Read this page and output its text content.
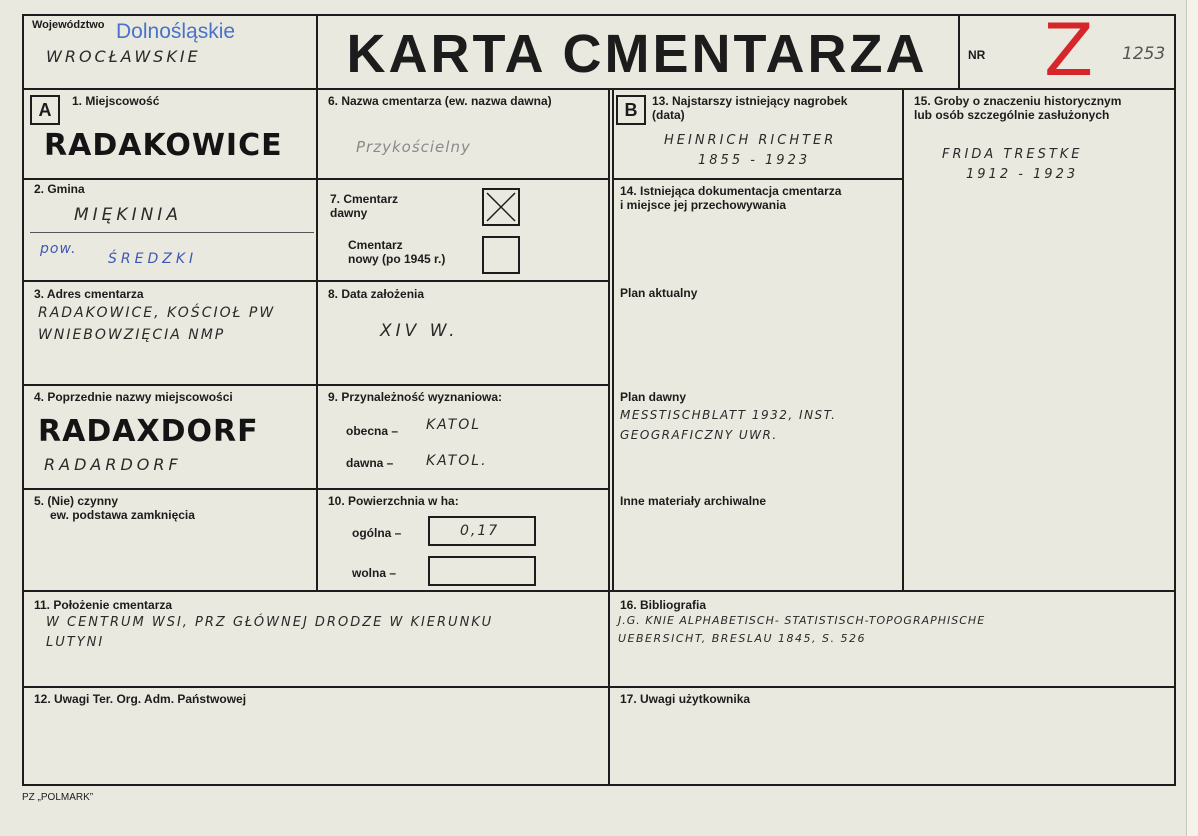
Województwo Dolnośląskie
WROCŁAWSKIE	KARTA CMENTARZA	NR Z 1253
A	1. Miejscowość
RADAKOWICE
2. Gmina
MIĘKINIA
pow.
ŚREDZKI
3. Adres cmentarza
RADAKOWICE, KOŚCIOŁ PW
WNIEBOWZIĘCIA NMP
4. Poprzednie nazwy miejscowości
RADAXDORF
RADARDORF
5. (Nie) czynny
ew. podstawa zamknięcia
11. Położenie cmentarza
W CENTRUM WSI, PRZ GŁÓWNEJ DRODZE W KIERUNKU
LUTYNI
12. Uwagi Ter. Org. Adm. Państwowej
6. Nazwa cmentarza (ew. nazwa dawna)
Przykościelny
7. Cmentarz
dawny
Cmentarz
nowy (po 1945 r.)
8. Data założenia
XIV W.
9. Przynależność wyznaniowa:
obecna – KATOL
dawna – KATOL.
10. Powierzchnia w ha:
ogólna –	0,17
wolna –
B	13. Najstarszy istniejący nagrobek
(data)
HEINRICH RICHTER
1855 - 1923
14. Istniejąca dokumentacja cmentarza
i miejsce jej przechowywania
Plan aktualny
Plan dawny
MESSTISCHBLATT 1932, INST.
GEOGRAFICZNY UWR.
Inne materiały archiwalne
15. Groby o znaczeniu historycznym
lub osób szczególnie zasłużonych
FRIDA TRESTKE
1912 - 1923
16. Bibliografia
J.G. KNIE ALPHABETISCH- STATISTISCH-TOPOGRAPHISCHE
UEBERSICHT, BRESLAU 1845, S. 526
17. Uwagi użytkownika
PZ „POLMARK”
